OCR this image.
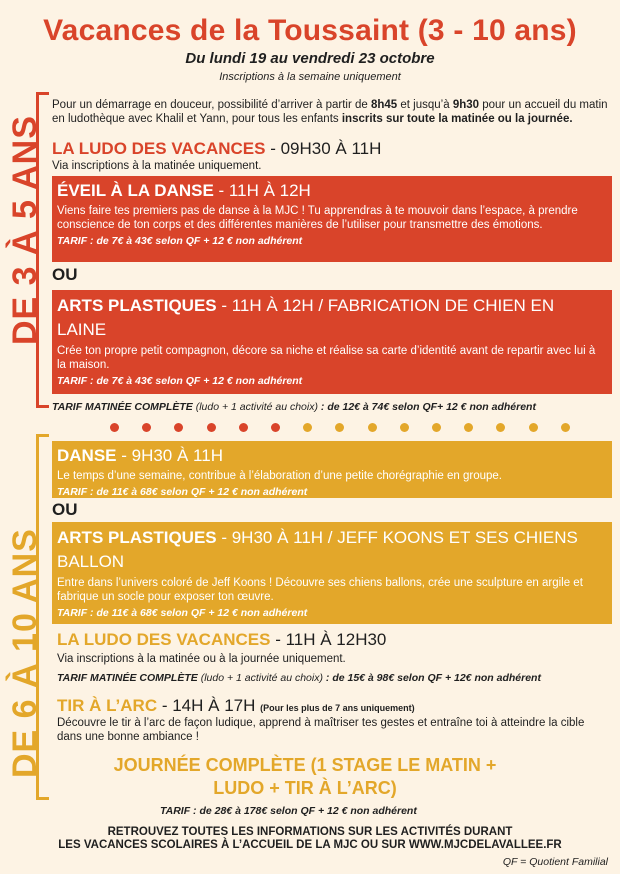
Vacances de la Toussaint (3 - 10 ans)
Du lundi 19 au vendredi 23 octobre
Inscriptions à la semaine uniquement
DE 3 À 5 ANS
DE 6 À 10 ANS
Pour un démarrage en douceur, possibilité d’arriver à partir de 8h45 et jusqu’à 9h30 pour un accueil du matin en ludothèque avec Khalil et Yann, pour tous les enfants inscrits sur toute la matinée ou la journée.
LA LUDO DES VACANCES - 09H30 À 11H
Via inscriptions à la matinée uniquement.
ÉVEIL À LA DANSE - 11H À 12H
Viens faire tes premiers pas de danse à la MJC ! Tu apprendras à te mouvoir dans l’espace, à prendre conscience de ton corps et des différentes manières de l’utiliser pour transmettre des émotions.
TARIF : de 7€ à 43€ selon QF + 12 € non adhérent
OU
ARTS PLASTIQUES - 11H À 12H / FABRICATION DE CHIEN EN LAINE
Crée ton propre petit compagnon, décore sa niche et réalise sa carte d’identité avant de repartir avec lui à la maison.
TARIF : de 7€ à 43€ selon QF + 12 € non adhérent
TARIF MATINÉE COMPLÈTE (ludo + 1 activité au choix) : de 12€ à 74€ selon QF+ 12 € non adhérent
DANSE - 9H30 À 11H
Le temps d’une semaine, contribue à l’élaboration d’une petite chorégraphie en groupe.
TARIF : de 11€ à 68€ selon QF + 12 € non adhérent
OU
ARTS PLASTIQUES - 9H30 À 11H / JEFF KOONS ET SES CHIENS BALLON
Entre dans l’univers coloré de Jeff Koons ! Découvre ses chiens ballons, crée une sculpture en argile et fabrique un socle pour exposer ton œuvre.
TARIF : de 11€ à 68€ selon QF + 12 € non adhérent
LA LUDO DES VACANCES - 11H À 12H30
Via inscriptions à la matinée ou à la journée uniquement.
TARIF MATINÉE COMPLÈTE (ludo + 1 activité au choix) : de 15€ à 98€ selon QF + 12€ non adhérent
TIR À L’ARC - 14H À 17H (Pour les plus de 7 ans uniquement)
Découvre le tir à l’arc de façon ludique, apprend à maîtriser tes gestes et entraîne toi à atteindre la cible dans une bonne ambiance !
JOURNÉE COMPLÈTE (1 STAGE LE MATIN +
LUDO + TIR À L’ARC)
TARIF : de 28€ à 178€ selon QF + 12 € non adhérent
RETROUVEZ TOUTES LES INFORMATIONS SUR LES ACTIVITÉS DURANT
LES VACANCES SCOLAIRES À L’ACCUEIL DE LA MJC OU SUR WWW.MJCDELAVALLEE.FR
QF = Quotient Familial
